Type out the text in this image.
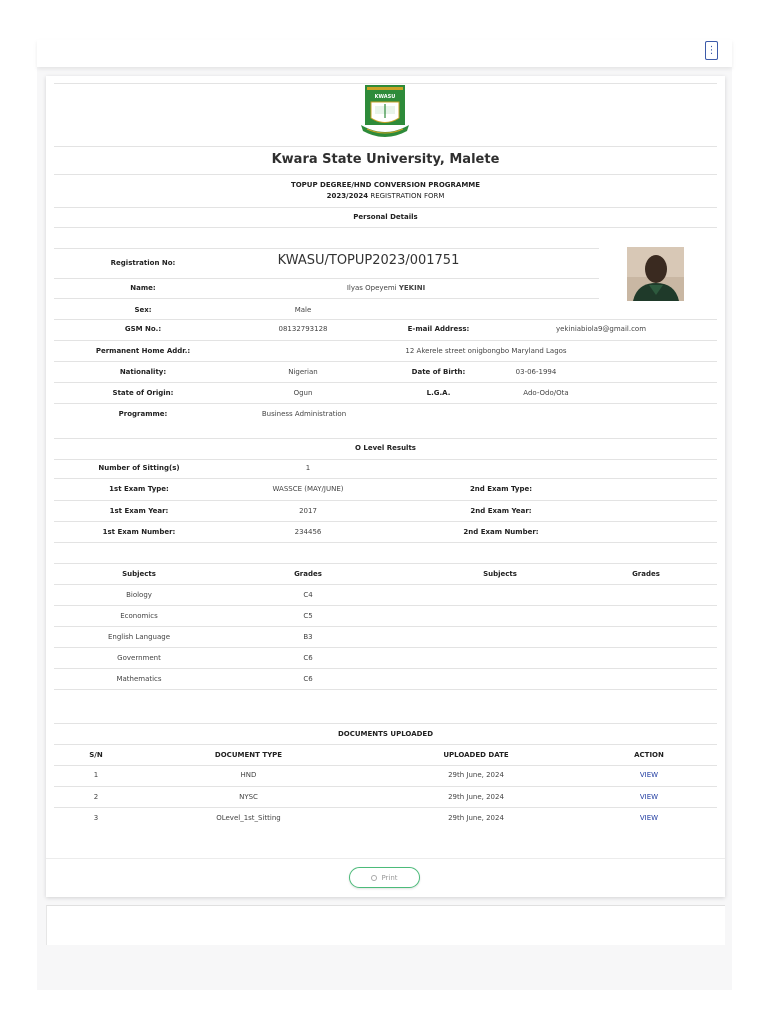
⋮
KWASU
Kwara State University, Malete
TOPUP DEGREE/HND CONVERSION PROGRAMME
2023/2024 REGISTRATION FORM
Personal Details
Registration No:	KWASU/TOPUP2023/001751
Name:	Ilyas Opeyemi YEKINI
Sex:	Male
GSM No.:	08132793128	E-mail Address:	yekiniabiola9@gmail.com
Permanent Home Addr.:	12 Akerele street onigbongbo Maryland Lagos
Nationality:	Nigerian	Date of Birth:	03-06-1994
State of Origin:	Ogun	L.G.A.	Ado-Odo/Ota
Programme:	Business Administration
O Level Results
Number of Sitting(s)	1
1st Exam Type:	WASSCE (MAY/JUNE)	2nd Exam Type:
1st Exam Year:	2017	2nd Exam Year:
1st Exam Number:	234456	2nd Exam Number:
Subjects	Grades	Subjects	Grades
Biology	C4
Economics	C5
English Language	B3
Government	C6
Mathematics	C6
DOCUMENTS UPLOADED
S/N	DOCUMENT TYPE	UPLOADED DATE	ACTION
1	HND	29th June, 2024	VIEW
2	NYSC	29th June, 2024	VIEW
3	OLevel_1st_Sitting	29th June, 2024	VIEW
Print
